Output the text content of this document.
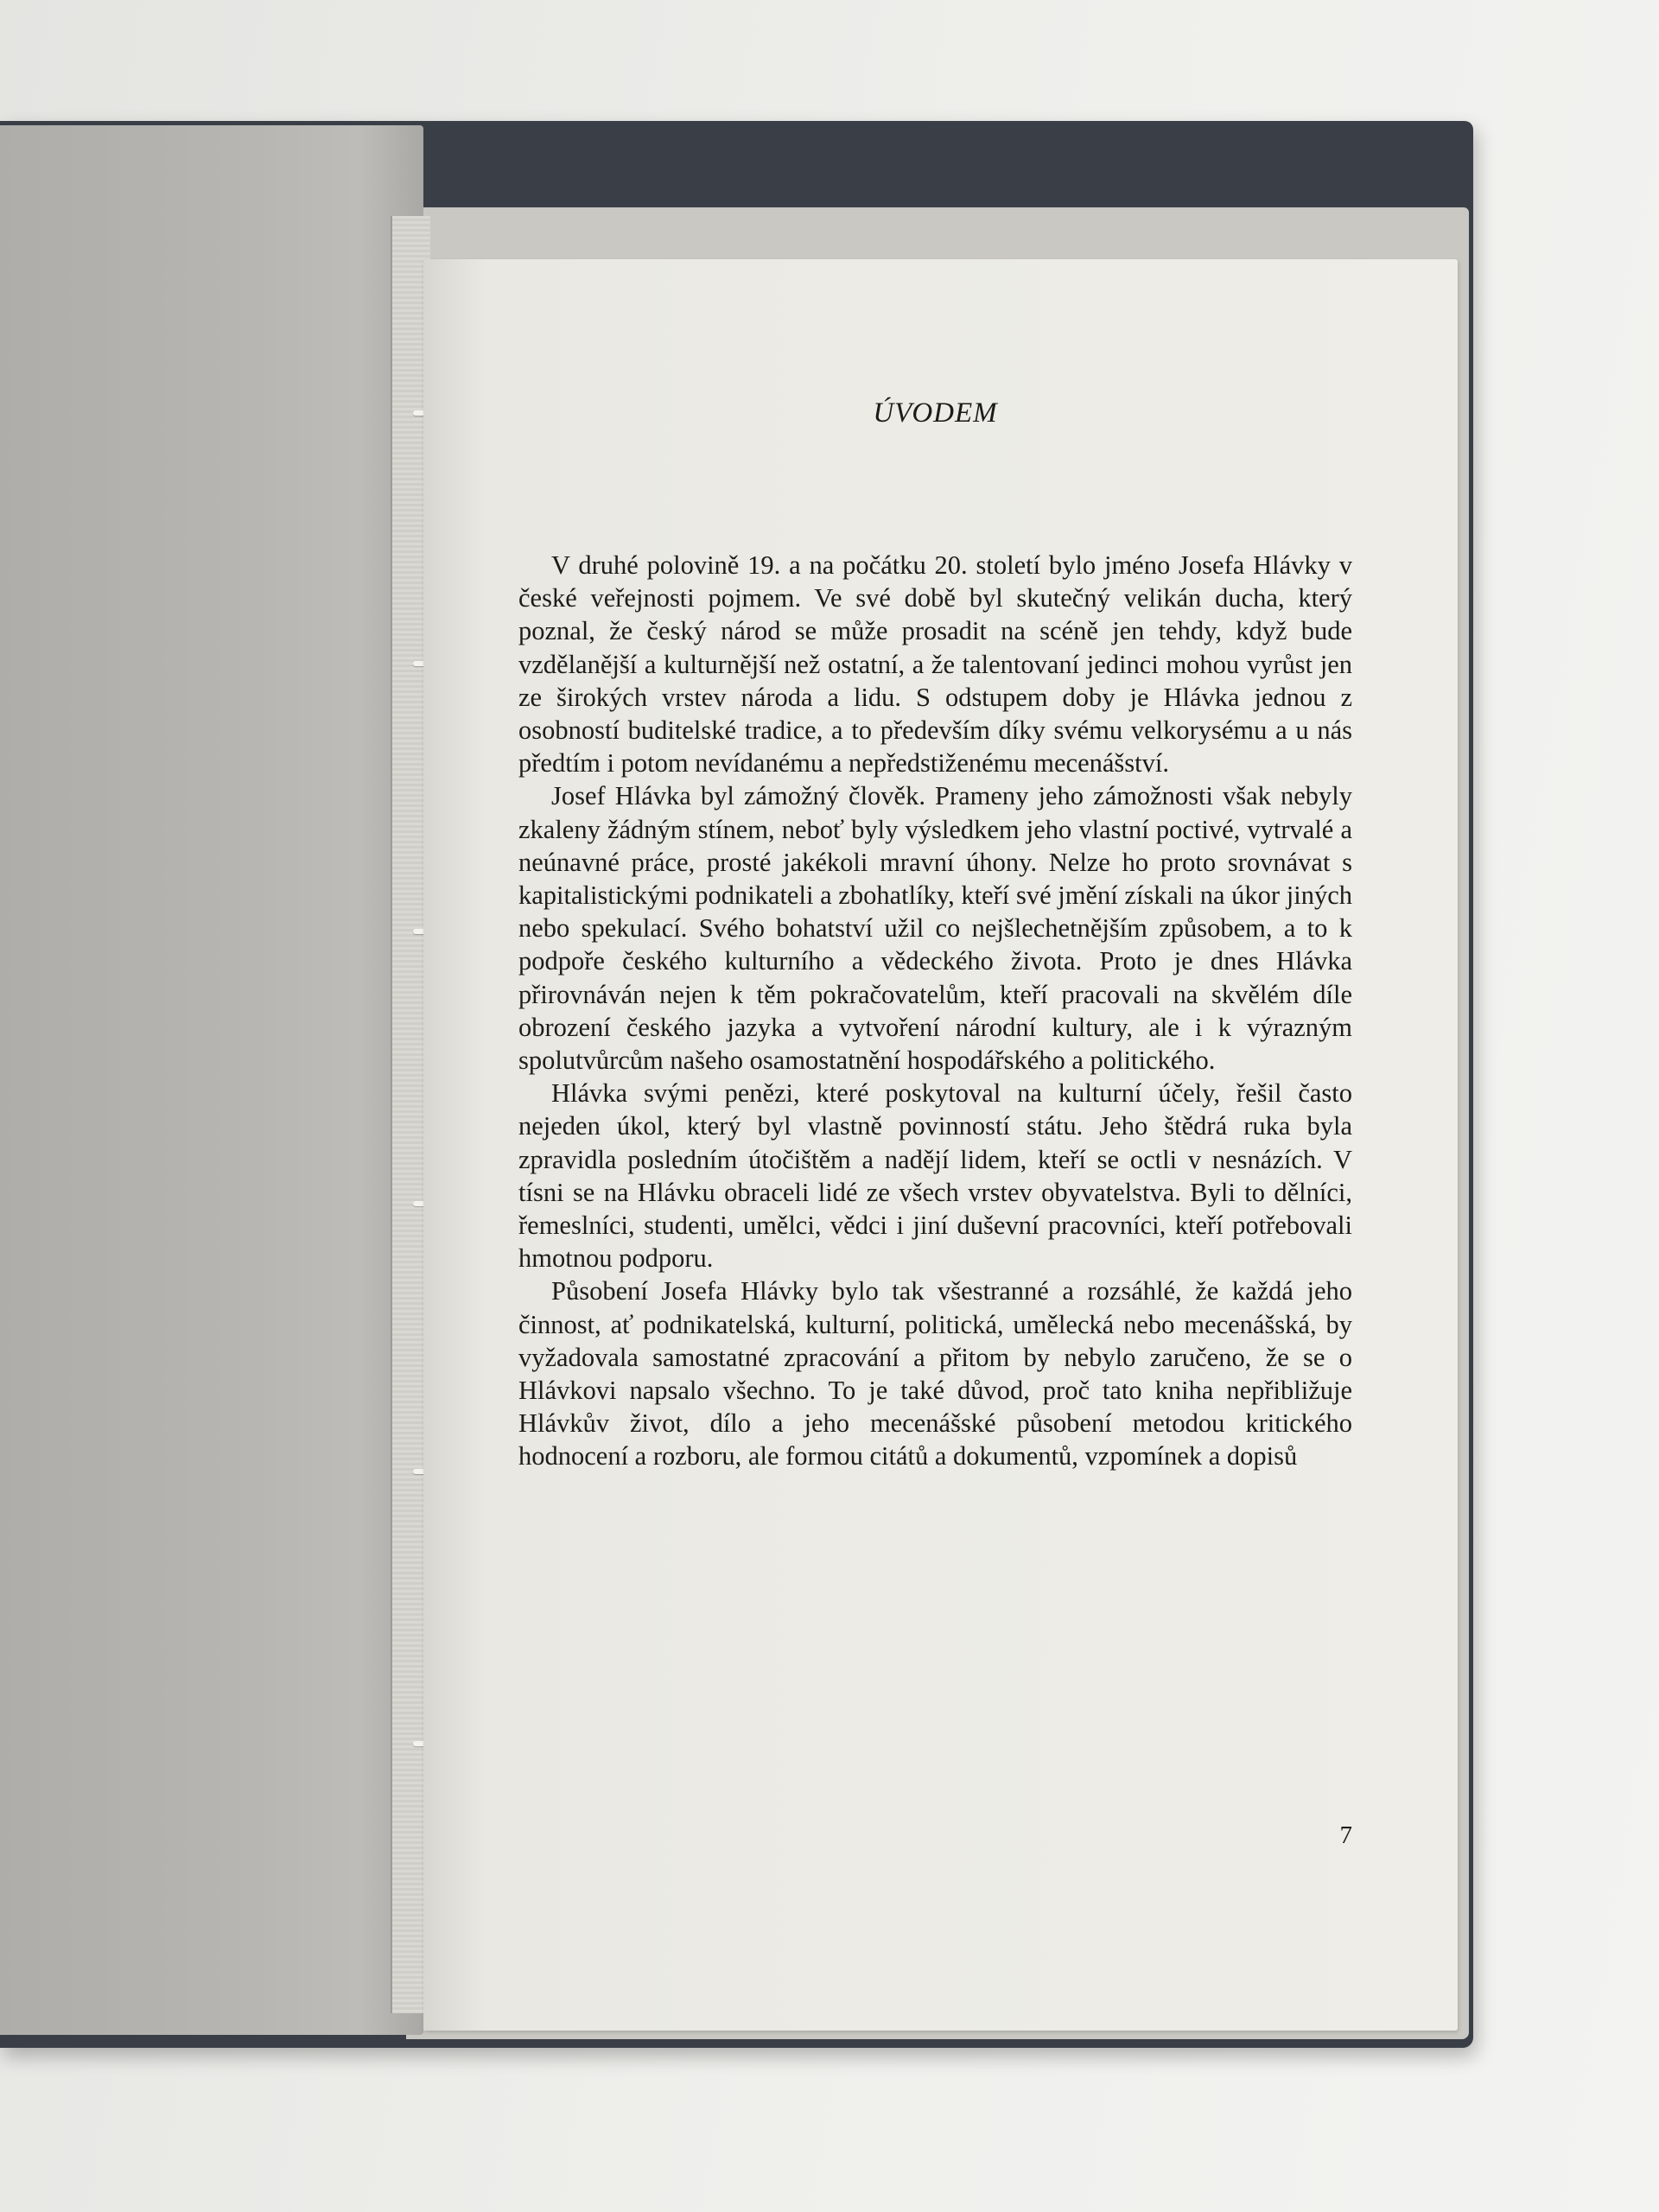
ÚVODEM

V druhé polovině 19. a na počátku 20. století bylo jméno Josefa Hlávky v české veřejnosti pojmem. Ve své době byl skutečný velikán ducha, který poznal, že český národ se může prosadit na scéně jen tehdy, když bude vzdělanější a kulturnější než ostatní, a že talentovaní jedinci mohou vyrůst jen ze širokých vrstev národa a lidu. S odstupem doby je Hlávka jednou z osobností buditelské tradice, a to především díky svému velkorysému a u nás předtím i potom nevídanému a nepředstiženému mecenášství.

Josef Hlávka byl zámožný člověk. Prameny jeho zámožnosti však nebyly zkaleny žádným stínem, neboť byly výsledkem jeho vlastní poctivé, vytrvalé a neúnavné práce, prosté jakékoli mravní úhony. Nelze ho proto srovnávat s kapitalistickými podnikateli a zbohatlíky, kteří své jmění získali na úkor jiných nebo spekulací. Svého bohatství užil co nejšlechetnějším způsobem, a to k podpoře českého kulturního a vědeckého života. Proto je dnes Hlávka přirovnáván nejen k těm pokračovatelům, kteří pracovali na skvělém díle obrození českého jazyka a vytvoření národní kultury, ale i k výrazným spolutvůrcům našeho osamostatnění hospodářského a politického.

Hlávka svými penězi, které poskytoval na kulturní účely, řešil často nejeden úkol, který byl vlastně povinností státu. Jeho štědrá ruka byla zpravidla posledním útočištěm a nadějí lidem, kteří se octli v nesnázích. V tísni se na Hlávku obraceli lidé ze všech vrstev obyvatelstva. Byli to dělníci, řemeslníci, studenti, umělci, vědci i jiní duševní pracovníci, kteří potřebovali hmotnou podporu.

Působení Josefa Hlávky bylo tak všestranné a rozsáhlé, že každá jeho činnost, ať podnikatelská, kulturní, politická, umělecká nebo mecenášská, by vyžadovala samostatné zpracování a přitom by nebylo zaručeno, že se o Hlávkovi napsalo všechno. To je také důvod, proč tato kniha nepřibližuje Hlávkův život, dílo a jeho mecenášské působení metodou kritického hodnocení a rozboru, ale formou citátů a dokumentů, vzpomínek a dopisů

7
